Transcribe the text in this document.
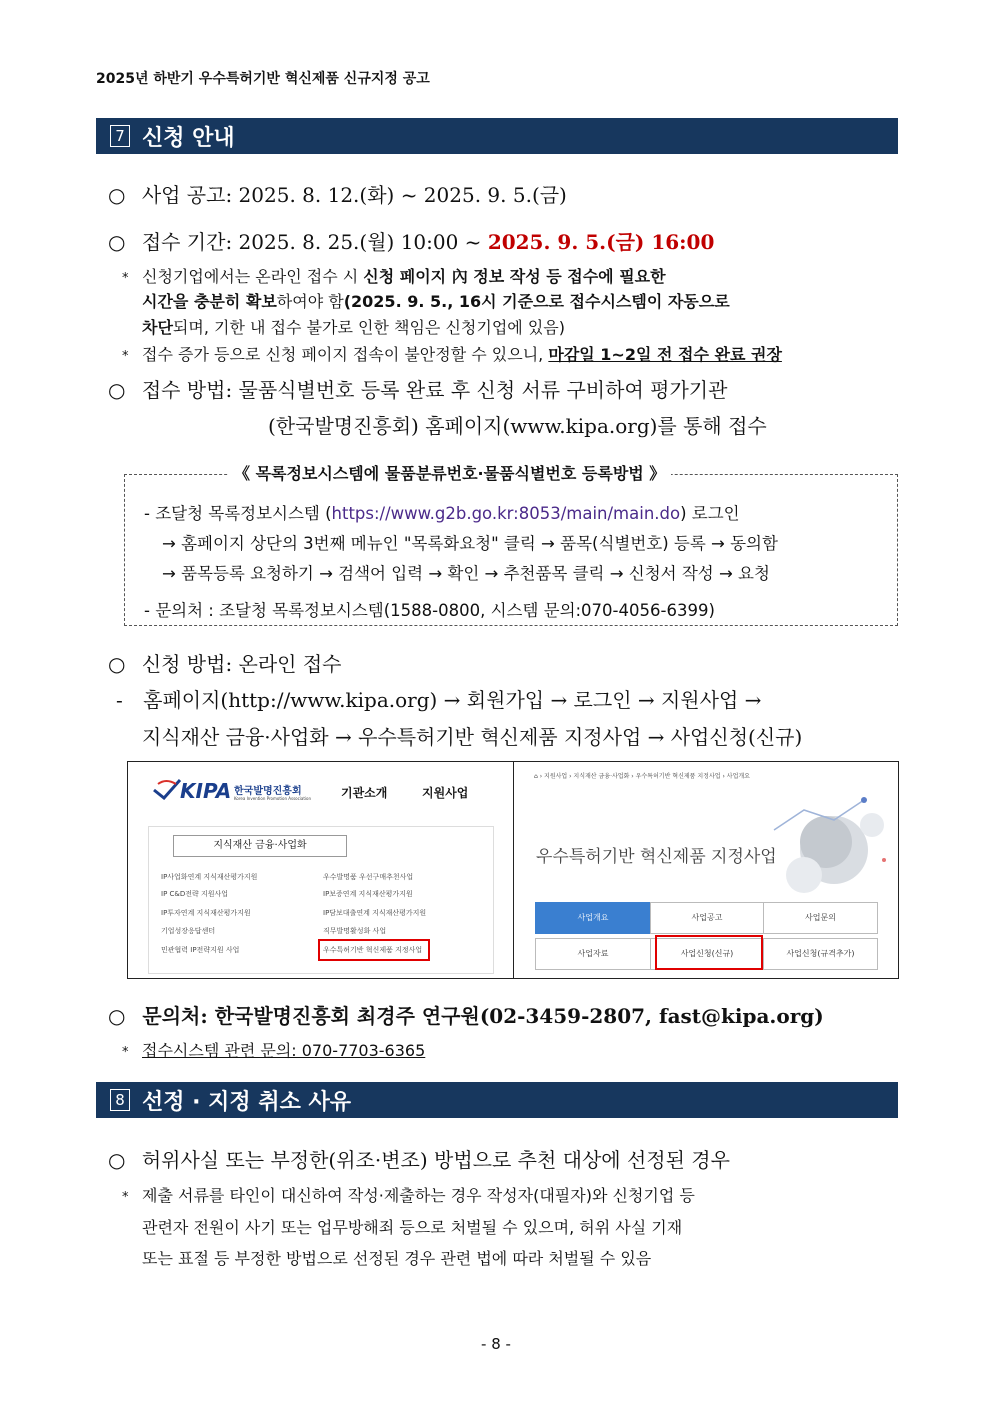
2025년 하반기 우수특허기반 혁신제품 신규지정 공고
7 신청 안내
○ 사업 공고: 2025. 8. 12.(화) ~ 2025. 9. 5.(금)
○ 접수 기간: 2025. 8. 25.(월) 10:00 ~ 2025. 9. 5.(금) 16:00
* 신청기업에서는 온라인 접수 시 신청 페이지 內 정보 작성 등 접수에 필요한
시간을 충분히 확보하여야 함(2025. 9. 5., 16시 기준으로 접수시스템이 자동으로
차단되며, 기한 내 접수 불가로 인한 책임은 신청기업에 있음)
* 접수 증가 등으로 신청 페이지 접속이 불안정할 수 있으니, 마감일 1~2일 전 접수 완료 권장
○ 접수 방법: 물품식별번호 등록 완료 후 신청 서류 구비하여 평가기관
(한국발명진흥회) 홈페이지(www.kipa.org)를 통해 접수
《 목록정보시스템에 물품분류번호·물품식별번호 등록방법 》
- 조달청 목록정보시스템 (https://www.g2b.go.kr:8053/main/main.do) 로그인
→ 홈페이지 상단의 3번째 메뉴인 "목록화요청" 클릭 → 품목(식별번호) 등록 → 동의함
→ 품목등록 요청하기 → 검색어 입력 → 확인 → 추천품목 클릭 → 신청서 작성 → 요청
- 문의처 : 조달청 목록정보시스템(1588-0800, 시스템 문의:070-4056-6399)
○ 신청 방법: 온라인 접수
- 홈페이지(http://www.kipa.org) → 회원가입 → 로그인 → 지원사업 →
지식재산 금융·사업화 → 우수특허기반 혁신제품 지정사업 → 사업신청(신규)
KIPA 한국발명진흥회
Korea Invention Promotion Association 기관소개	지원사업
지식재산 금융·사업화
IP사업화연계 지식재산평가지원
IP C&D전략 지원사업
IP투자연계 지식재산평가지원
기업성장응답센터
민관협력 IP전략지원 사업
우수발명품 우선구매추천사업
IP보증연계 지식재산평가지원
IP담보대출연계 지식재산평가지원
직무발명활성화 사업
우수특허기반 혁신제품 지정사업
⌂ › 지원사업 › 지식재산 금융·사업화 › 우수특허기반 혁신제품 지정사업 › 사업개요
우수특허기반 혁신제품 지정사업
사업개요	사업공고	사업문의
사업자료	사업신청(신규)	사업신청(규격추가)
○ 문의처: 한국발명진흥회 최경주 연구원(02-3459-2807, fast@kipa.org)
* 접수시스템 관련 문의: 070-7703-6365
8 선정 · 지정 취소 사유
○ 허위사실 또는 부정한(위조·변조) 방법으로 추천 대상에 선정된 경우
* 제출 서류를 타인이 대신하여 작성·제출하는 경우 작성자(대필자)와 신청기업 등
관련자 전원이 사기 또는 업무방해죄 등으로 처벌될 수 있으며, 허위 사실 기재
또는 표절 등 부정한 방법으로 선정된 경우 관련 법에 따라 처벌될 수 있음
- 8 -
